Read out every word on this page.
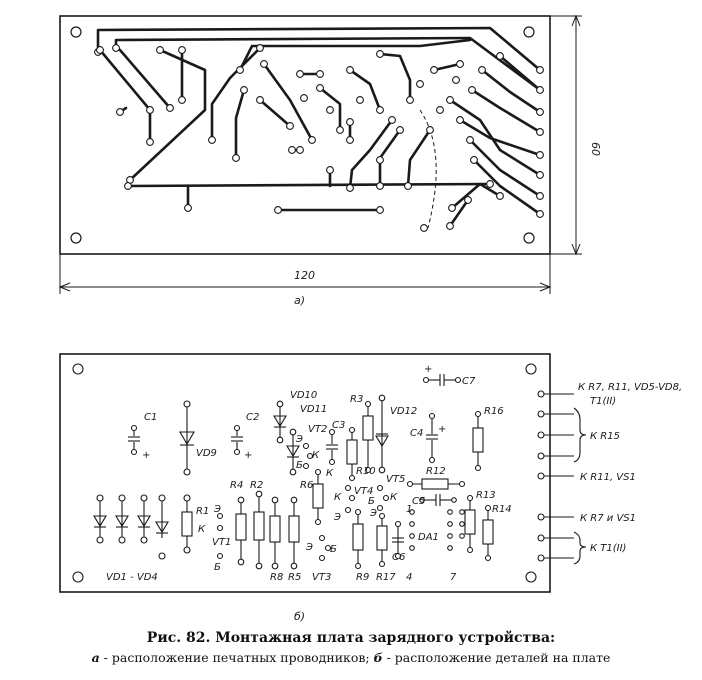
120
60
а)
б)
C1
+	VD9
R1
К
C2
+
Э
VT1
Б
R4 R2
R8 R5
VD10
VD11
VT2
Э
К
Б
C3
R6
К
Э
VT3
Б
R3
VD12
R10
К
VT4
Э
Б
VT5
К
Э
R9 R17
C6
4	7
DA1
1
C4 +
+
C7
R16
R12
C5
R13
R14
VD1 - VD4
К R7, R11, VD5-VD8,
T1(II)
К R15
К R11, VS1
К R7 и VS1
К T1(II)
Рис. 82. Монтажная плата зарядного устройства:
а - расположение печатных проводников; б - расположение деталей на плате
